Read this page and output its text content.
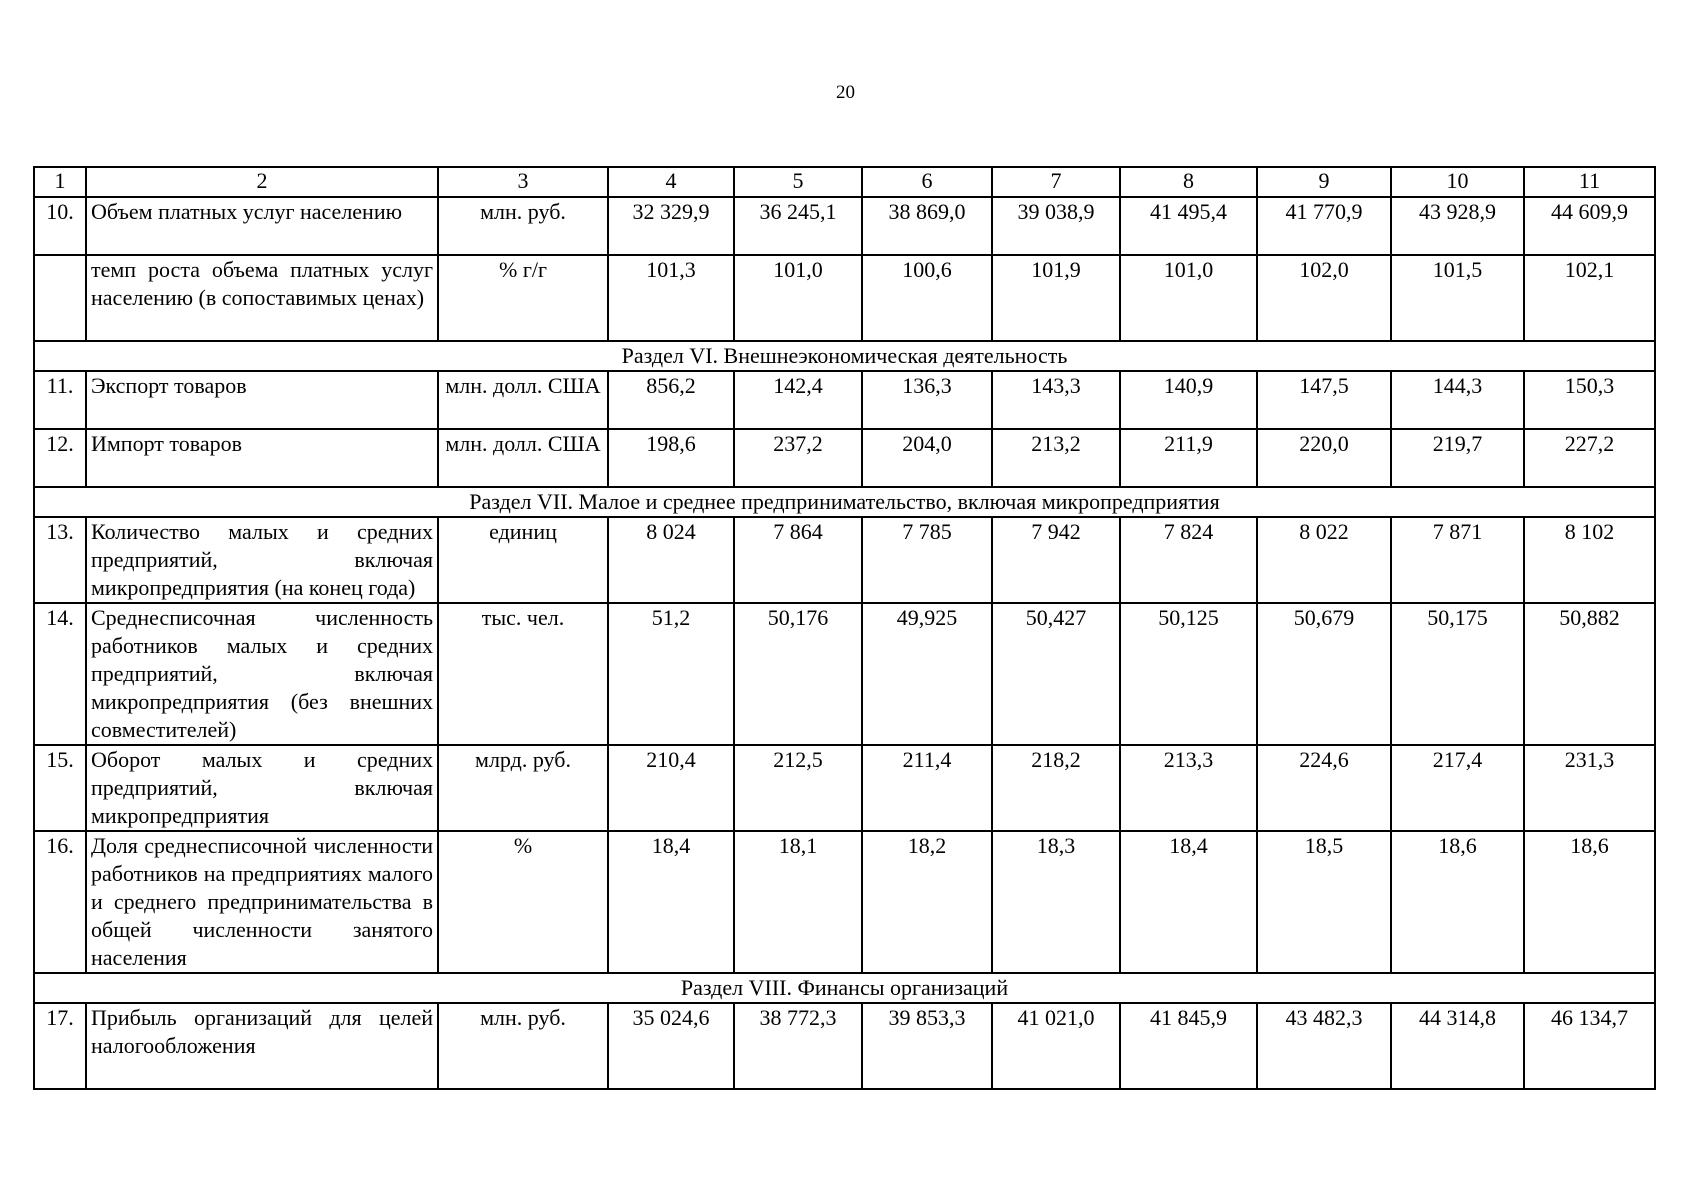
20
1	2	3	4	5	6	7	8	9	10	11
10.	Объем платных услуг населению	млн. руб.	32 329,9	36 245,1	38 869,0	39 038,9	41 495,4	41 770,9	43 928,9	44 609,9
	темп роста объема платных услуг населению (в сопоставимых ценах)	% г/г	101,3	101,0	100,6	101,9	101,0	102,0	101,5	102,1
Раздел VI. Внешнеэкономическая деятельность										
11.	Экспорт товаров	млн. долл. США	856,2	142,4	136,3	143,3	140,9	147,5	144,3	150,3
12.	Импорт товаров	млн. долл. США	198,6	237,2	204,0	213,2	211,9	220,0	219,7	227,2
Раздел VII. Малое и среднее предпринимательство, включая микропредприятия										
13.	Количество малых и средних предприятий, включая микропредприятия (на конец года)	единиц	8 024	7 864	7 785	7 942	7 824	8 022	7 871	8 102
14.	Среднесписочная численность работников малых и средних предприятий, включая микропредприятия (без внешних совместителей)	тыс. чел.	51,2	50,176	49,925	50,427	50,125	50,679	50,175	50,882
15.	Оборот малых и средних предприятий, включая микропредприятия	млрд. руб.	210,4	212,5	211,4	218,2	213,3	224,6	217,4	231,3
16.	Доля среднесписочной численности работников на предприятиях малого и среднего предпринимательства в общей численности занятого населения	%	18,4	18,1	18,2	18,3	18,4	18,5	18,6	18,6
Раздел VIII. Финансы организаций										
17.	Прибыль организаций для целей налогообложения	млн. руб.	35 024,6	38 772,3	39 853,3	41 021,0	41 845,9	43 482,3	44 314,8	46 134,7
